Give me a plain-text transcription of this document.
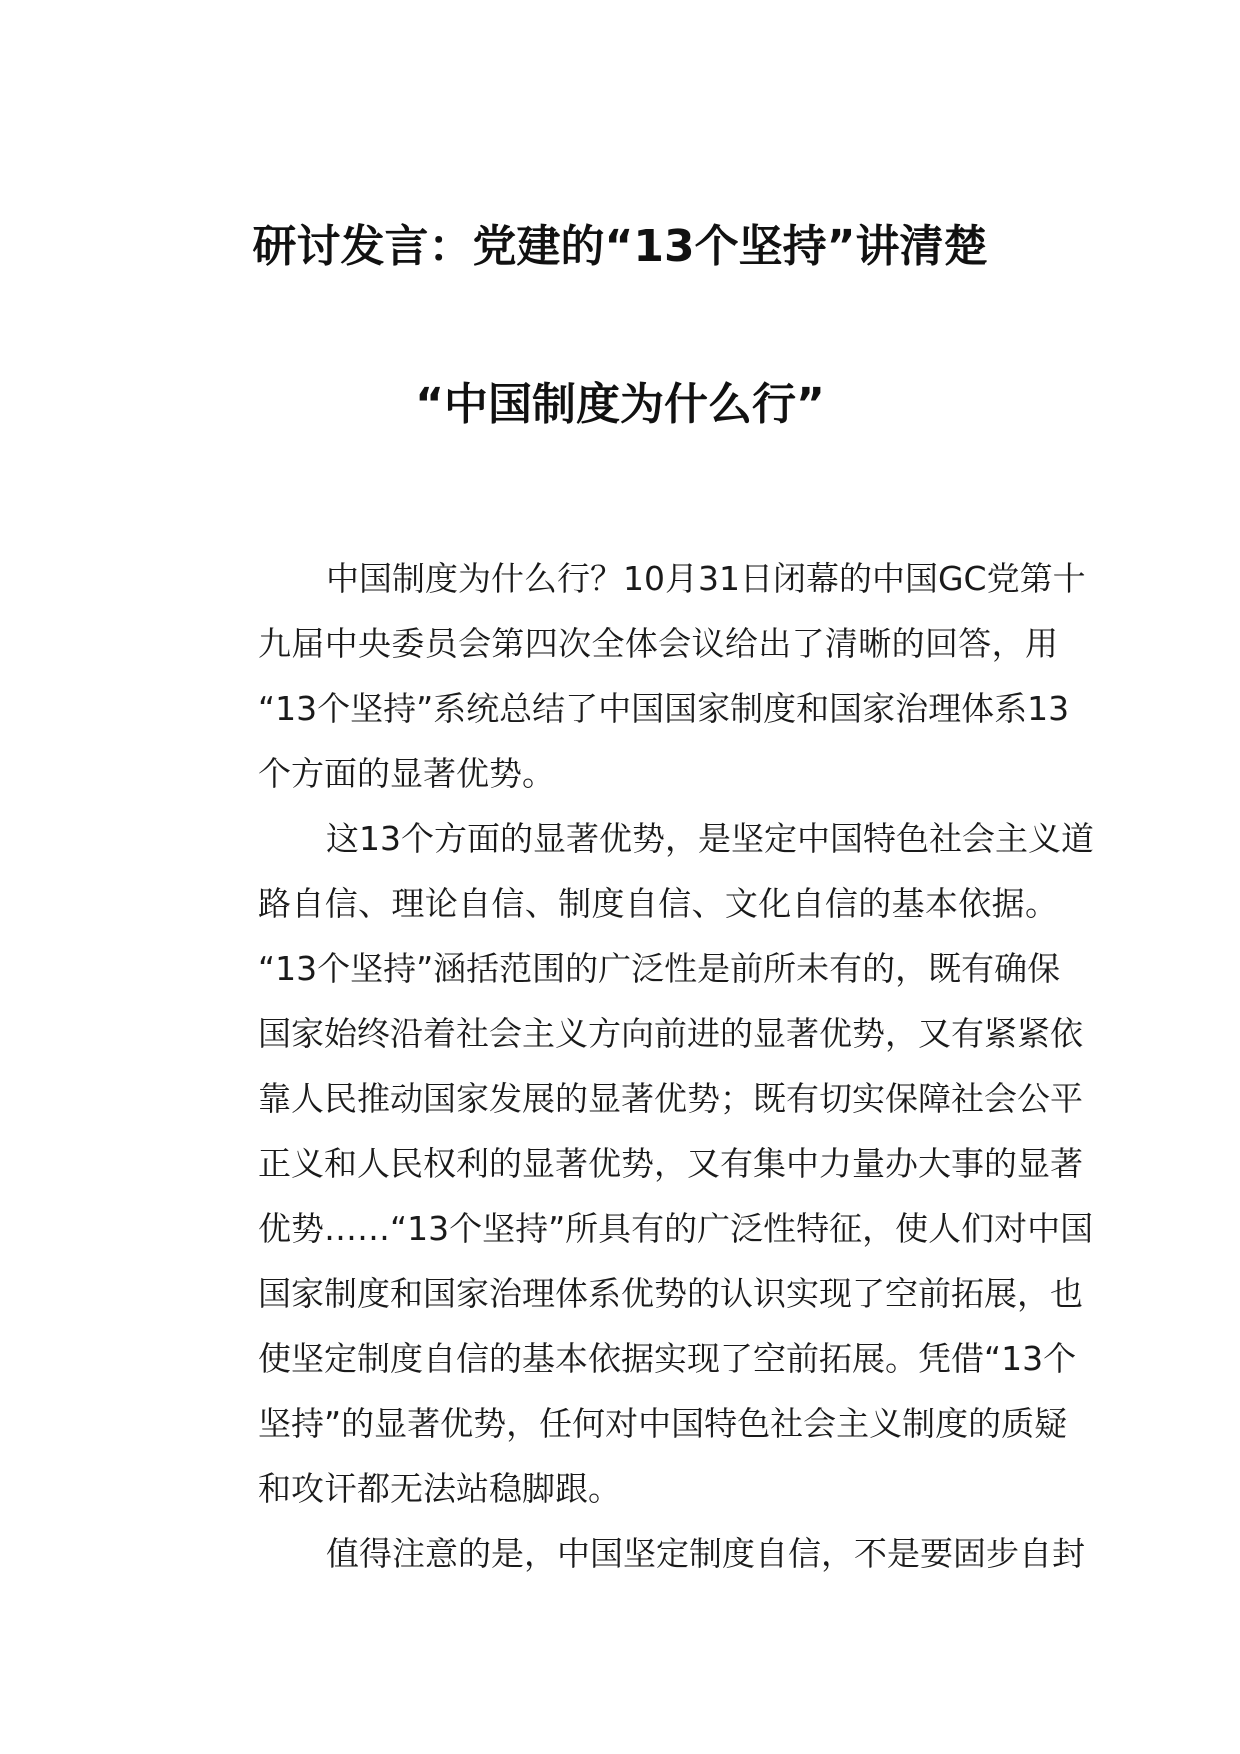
研讨发言：党建的“13个坚持”讲清楚
“中国制度为什么行”
中国制度为什么行？10月31日闭幕的中国GC党第十
九届中央委员会第四次全体会议给出了清晰的回答，用
“13个坚持”系统总结了中国国家制度和国家治理体系13
个方面的显著优势。
这13个方面的显著优势，是坚定中国特色社会主义道
路自信、理论自信、制度自信、文化自信的基本依据。
“13个坚持”涵括范围的广泛性是前所未有的，既有确保
国家始终沿着社会主义方向前进的显著优势，又有紧紧依
靠人民推动国家发展的显著优势；既有切实保障社会公平
正义和人民权利的显著优势，又有集中力量办大事的显著
优势……“13个坚持”所具有的广泛性特征，使人们对中国
国家制度和国家治理体系优势的认识实现了空前拓展，也
使坚定制度自信的基本依据实现了空前拓展。凭借“13个
坚持”的显著优势，任何对中国特色社会主义制度的质疑
和攻讦都无法站稳脚跟。
值得注意的是，中国坚定制度自信，不是要固步自封
